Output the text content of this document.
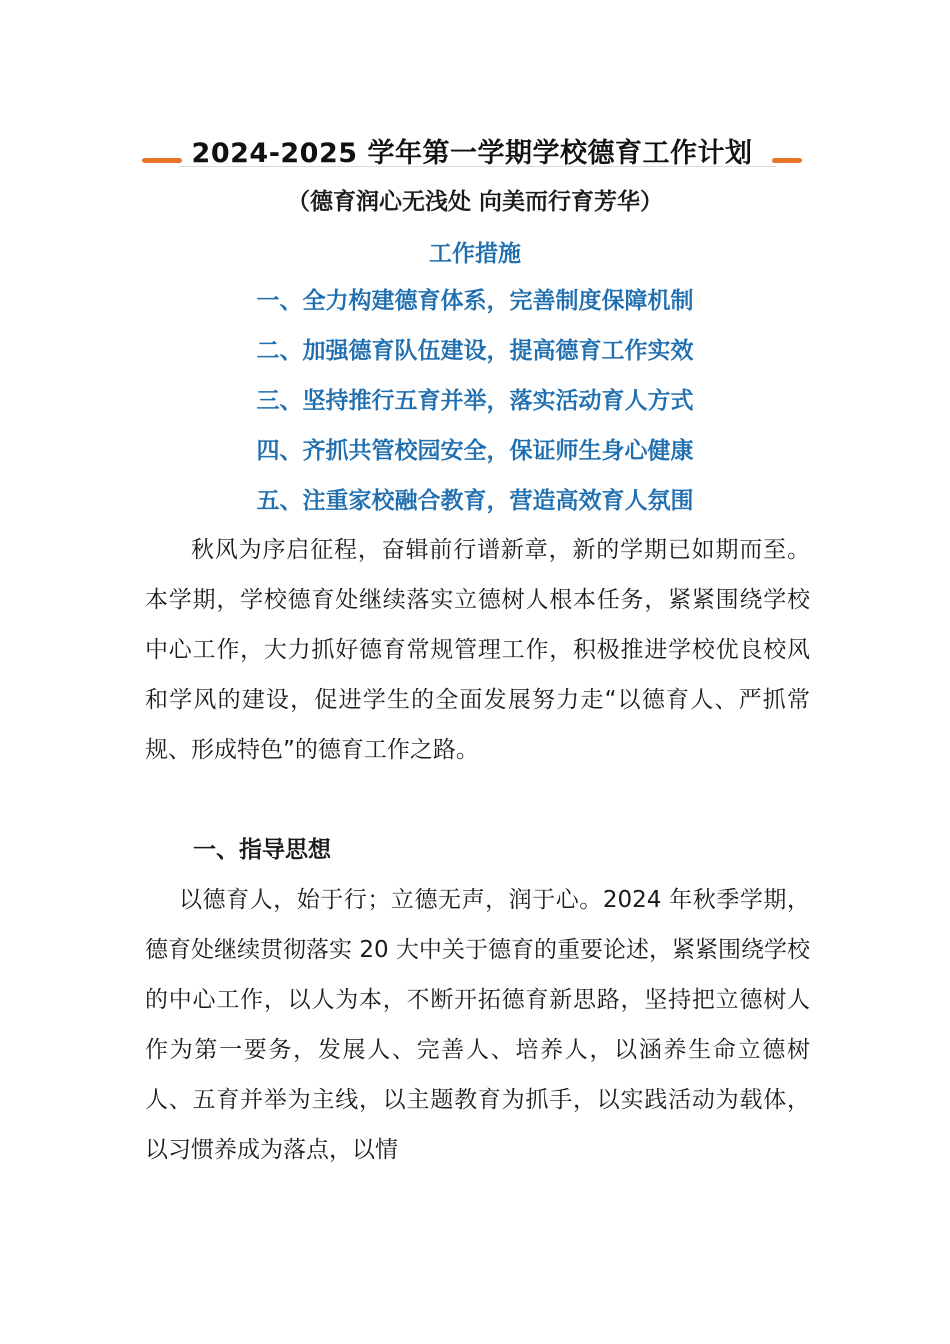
2024-2025 学年第一学期学校德育工作计划
（德育润心无浅处 向美而行育芳华）
工作措施
一、全力构建德育体系，完善制度保障机制
二、加强德育队伍建设，提高德育工作实效
三、坚持推行五育并举，落实活动育人方式
四、齐抓共管校园安全，保证师生身心健康
五、注重家校融合教育，营造高效育人氛围

秋风为序启征程，奋辑前行谱新章，新的学期已如期而至。本学期，学校德育处继续落实立德树人根本任务，紧紧围绕学校中心工作，大力抓好德育常规管理工作，积极推进学校优良校风和学风的建设，促进学生的全面发展努力走“以德育人、严抓常规、形成特色”的德育工作之路。

一、指导思想

以德育人，始于行；立德无声，润于心。2024 年秋季学期，德育处继续贯彻落实 20 大中关于德育的重要论述，紧紧围绕学校的中心工作，以人为本，不断开拓德育新思路，坚持把立德树人作为第一要务，发展人、完善人、培养人，以涵养生命立德树人、五育并举为主线，以主题教育为抓手，以实践活动为载体，以习惯养成为落点，以情
